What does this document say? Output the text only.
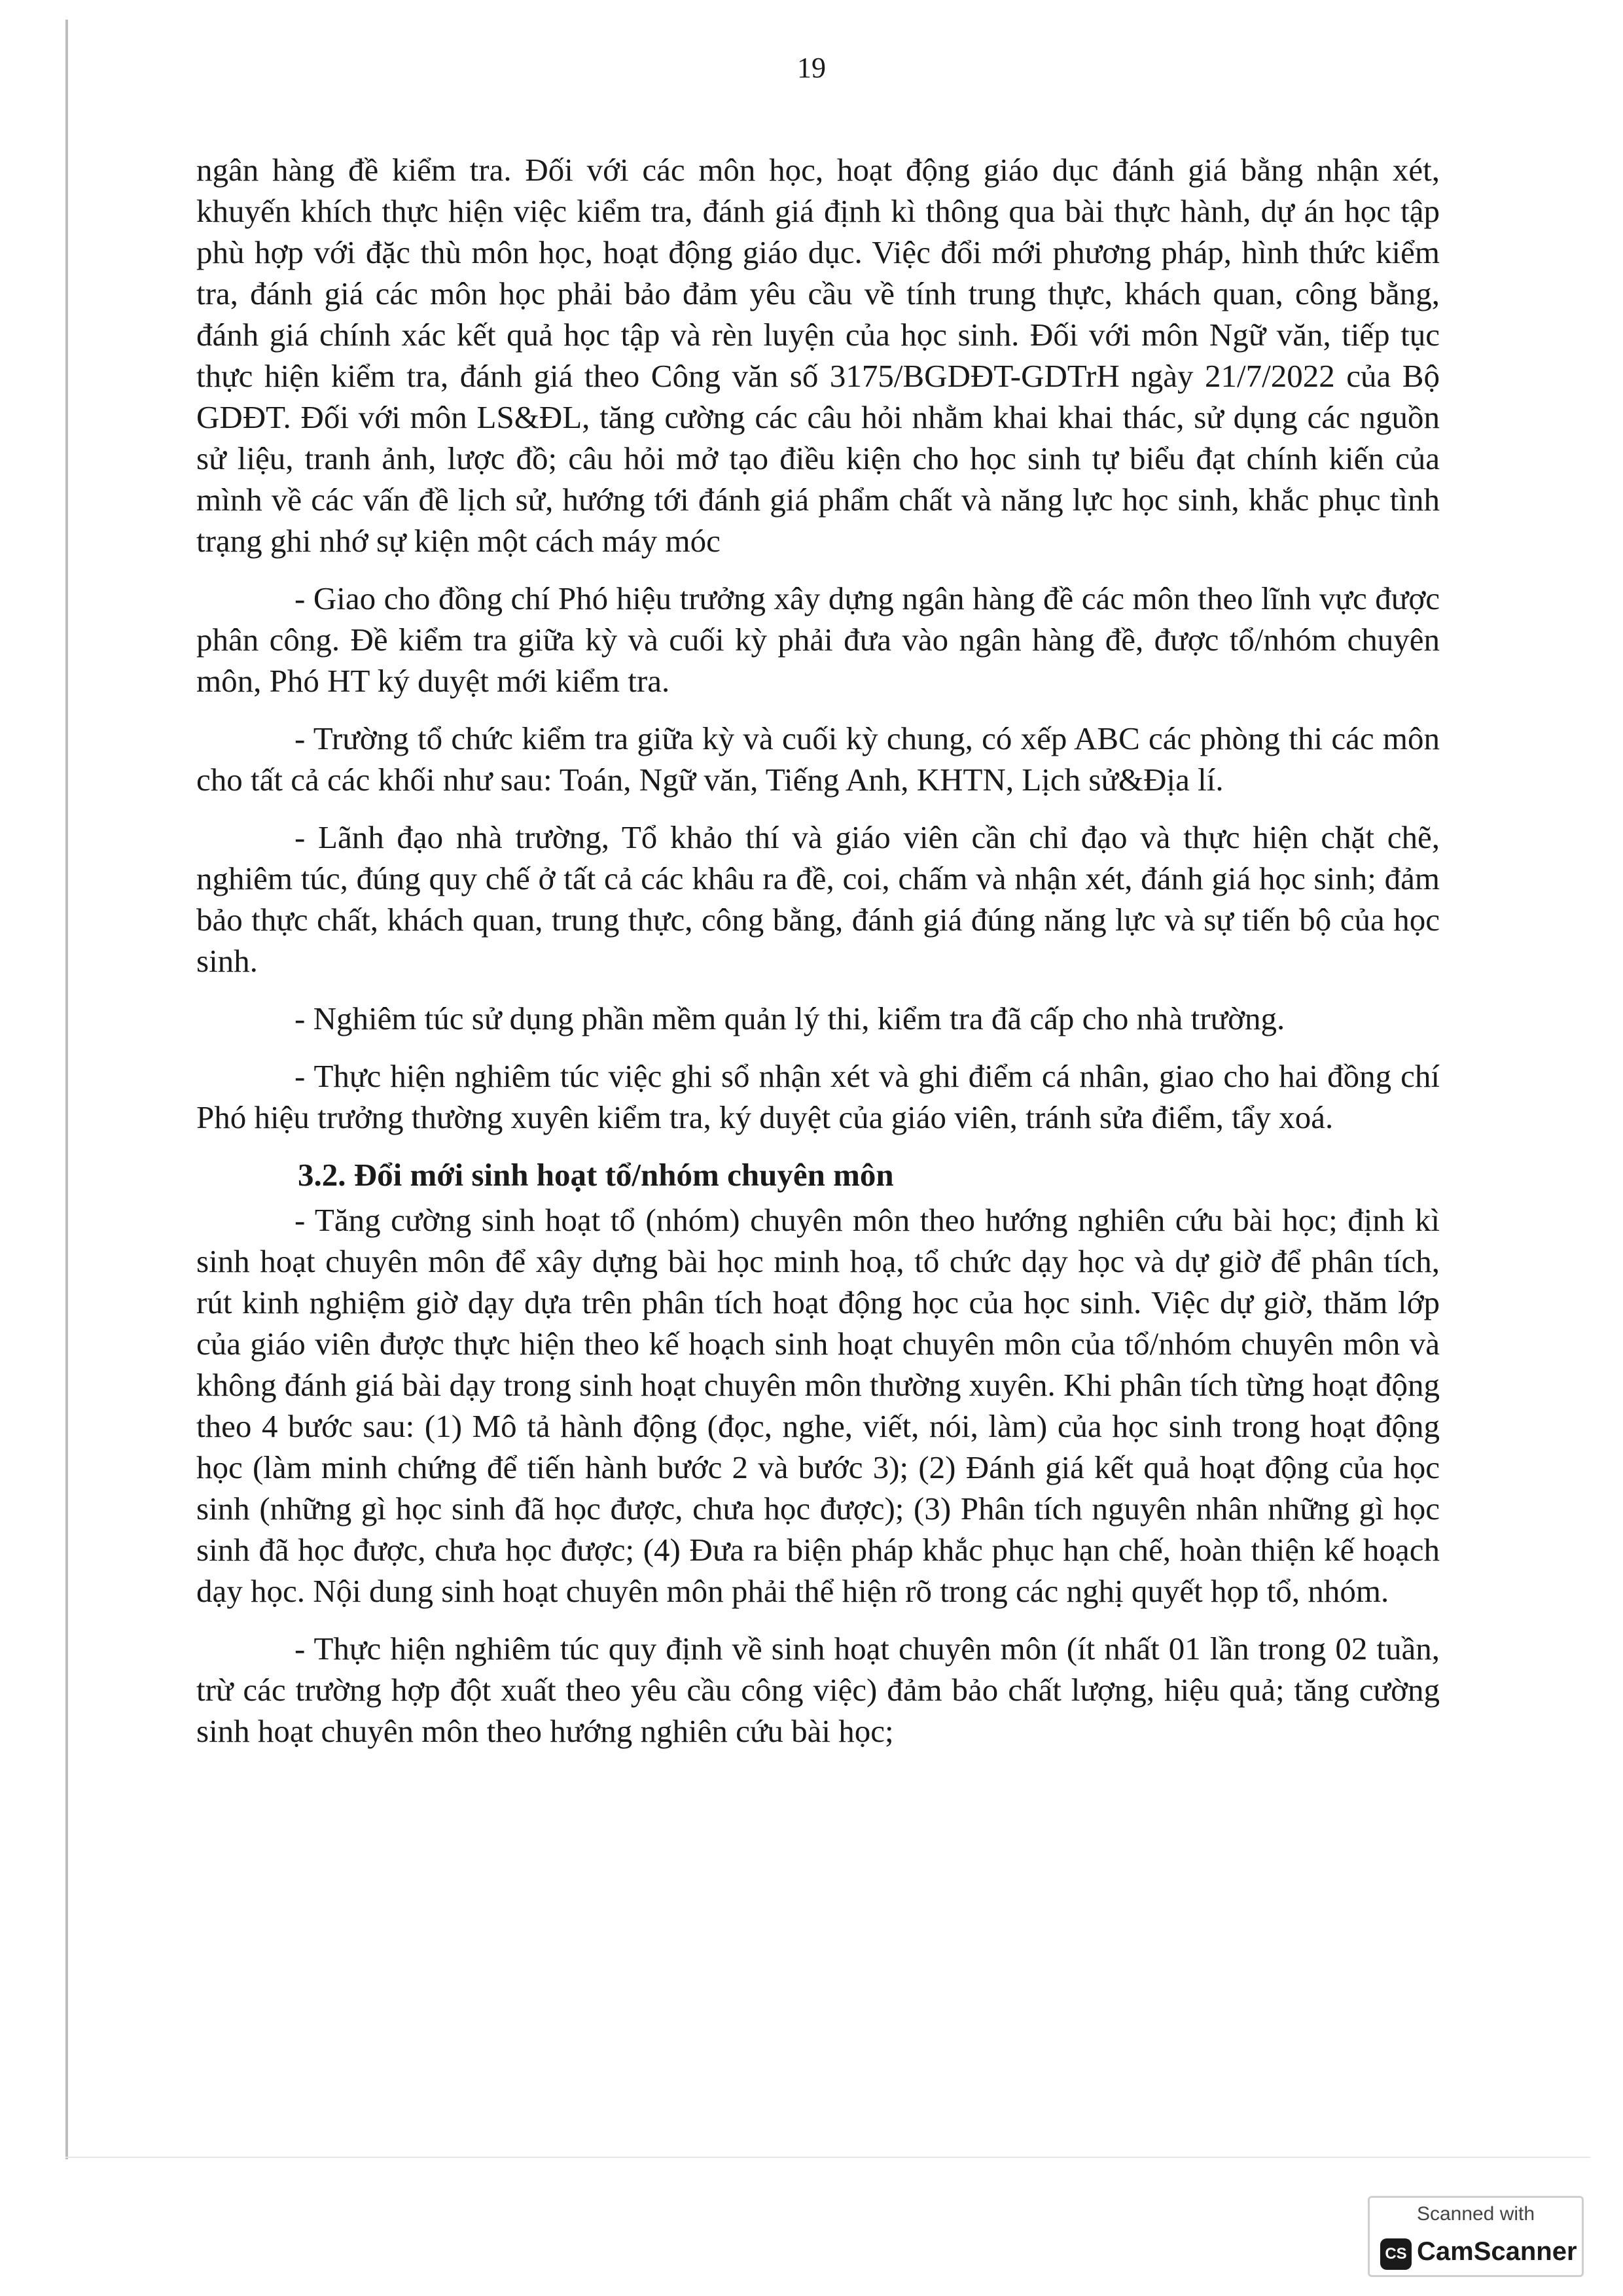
19

ngân hàng đề kiểm tra. Đối với các môn học, hoạt động giáo dục đánh giá bằng nhận xét, khuyến khích thực hiện việc kiểm tra, đánh giá định kì thông qua bài thực hành, dự án học tập phù hợp với đặc thù môn học, hoạt động giáo dục. Việc đổi mới phương pháp, hình thức kiểm tra, đánh giá các môn học phải bảo đảm yêu cầu về tính trung thực, khách quan, công bằng, đánh giá chính xác kết quả học tập và rèn luyện của học sinh. Đối với môn Ngữ văn, tiếp tục thực hiện kiểm tra, đánh giá theo Công văn số 3175/BGDĐT-GDTrH ngày 21/7/2022 của Bộ GDĐT. Đối với môn LS&ĐL, tăng cường các câu hỏi nhằm khai khai thác, sử dụng các nguồn sử liệu, tranh ảnh, lược đồ; câu hỏi mở tạo điều kiện cho học sinh tự biểu đạt chính kiến của mình về các vấn đề lịch sử, hướng tới đánh giá phẩm chất và năng lực học sinh, khắc phục tình trạng ghi nhớ sự kiện một cách máy móc

- Giao cho đồng chí Phó hiệu trưởng xây dựng ngân hàng đề các môn theo lĩnh vực được phân công. Đề kiểm tra giữa kỳ và cuối kỳ phải đưa vào ngân hàng đề, được tổ/nhóm chuyên môn, Phó HT ký duyệt mới kiểm tra.

- Trường tổ chức kiểm tra giữa kỳ và cuối kỳ chung, có xếp ABC các phòng thi các môn cho tất cả các khối như sau: Toán, Ngữ văn, Tiếng Anh, KHTN, Lịch sử&Địa lí.

- Lãnh đạo nhà trường, Tổ khảo thí và giáo viên cần chỉ đạo và thực hiện chặt chẽ, nghiêm túc, đúng quy chế ở tất cả các khâu ra đề, coi, chấm và nhận xét, đánh giá học sinh; đảm bảo thực chất, khách quan, trung thực, công bằng, đánh giá đúng năng lực và sự tiến bộ của học sinh.

- Nghiêm túc sử dụng phần mềm quản lý thi, kiểm tra đã cấp cho nhà trường.

- Thực hiện nghiêm túc việc ghi sổ nhận xét và ghi điểm cá nhân, giao cho hai đồng chí Phó hiệu trưởng thường xuyên kiểm tra, ký duyệt của giáo viên, tránh sửa điểm, tẩy xoá.

3.2. Đổi mới sinh hoạt tổ/nhóm chuyên môn

- Tăng cường sinh hoạt tổ (nhóm) chuyên môn theo hướng nghiên cứu bài học; định kì sinh hoạt chuyên môn để xây dựng bài học minh hoạ, tổ chức dạy học và dự giờ để phân tích, rút kinh nghiệm giờ dạy dựa trên phân tích hoạt động học của học sinh. Việc dự giờ, thăm lớp của giáo viên được thực hiện theo kế hoạch sinh hoạt chuyên môn của tổ/nhóm chuyên môn và không đánh giá bài dạy trong sinh hoạt chuyên môn thường xuyên. Khi phân tích từng hoạt động theo 4 bước sau: (1) Mô tả hành động (đọc, nghe, viết, nói, làm) của học sinh trong hoạt động học (làm minh chứng để tiến hành bước 2 và bước 3); (2) Đánh giá kết quả hoạt động của học sinh (những gì học sinh đã học được, chưa học được); (3) Phân tích nguyên nhân những gì học sinh đã học được, chưa học được; (4) Đưa ra biện pháp khắc phục hạn chế, hoàn thiện kế hoạch dạy học. Nội dung sinh hoạt chuyên môn phải thể hiện rõ trong các nghị quyết họp tổ, nhóm.

- Thực hiện nghiêm túc quy định về sinh hoạt chuyên môn (ít nhất 01 lần trong 02 tuần, trừ các trường hợp đột xuất theo yêu cầu công việc) đảm bảo chất lượng, hiệu quả; tăng cường sinh hoạt chuyên môn theo hướng nghiên cứu bài học;

Scanned with
CS CamScanner
